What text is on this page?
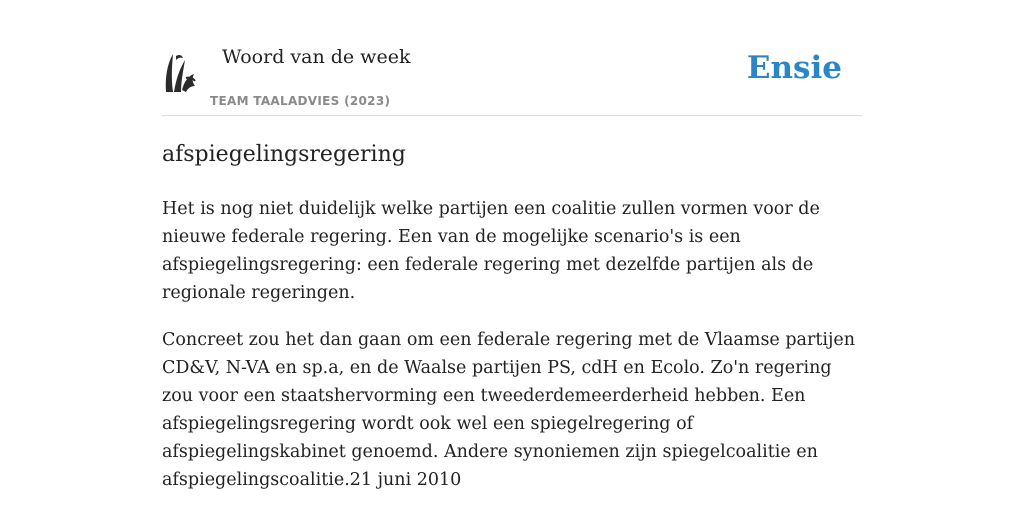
Woord van de week
TEAM TAALADVIES (2023)
Ensie
afspiegelingsregering

Het is nog niet duidelijk welke partijen een coalitie zullen vormen voor de nieuwe federale regering. Een van de mogelijke scenario's is een afspiegelingsregering: een federale regering met dezelfde partijen als de regionale regeringen.

Concreet zou het dan gaan om een federale regering met de Vlaamse partijen CD&V, N-VA en sp.a, en de Waalse partijen PS, cdH en Ecolo. Zo'n regering zou voor een staatshervorming een tweederdemeerderheid hebben. Een afspiegelingsregering wordt ook wel een spiegelregering of afspiegelingskabinet genoemd. Andere synoniemen zijn spiegelcoalitie en afspiegelingscoalitie.21 juni 2010
